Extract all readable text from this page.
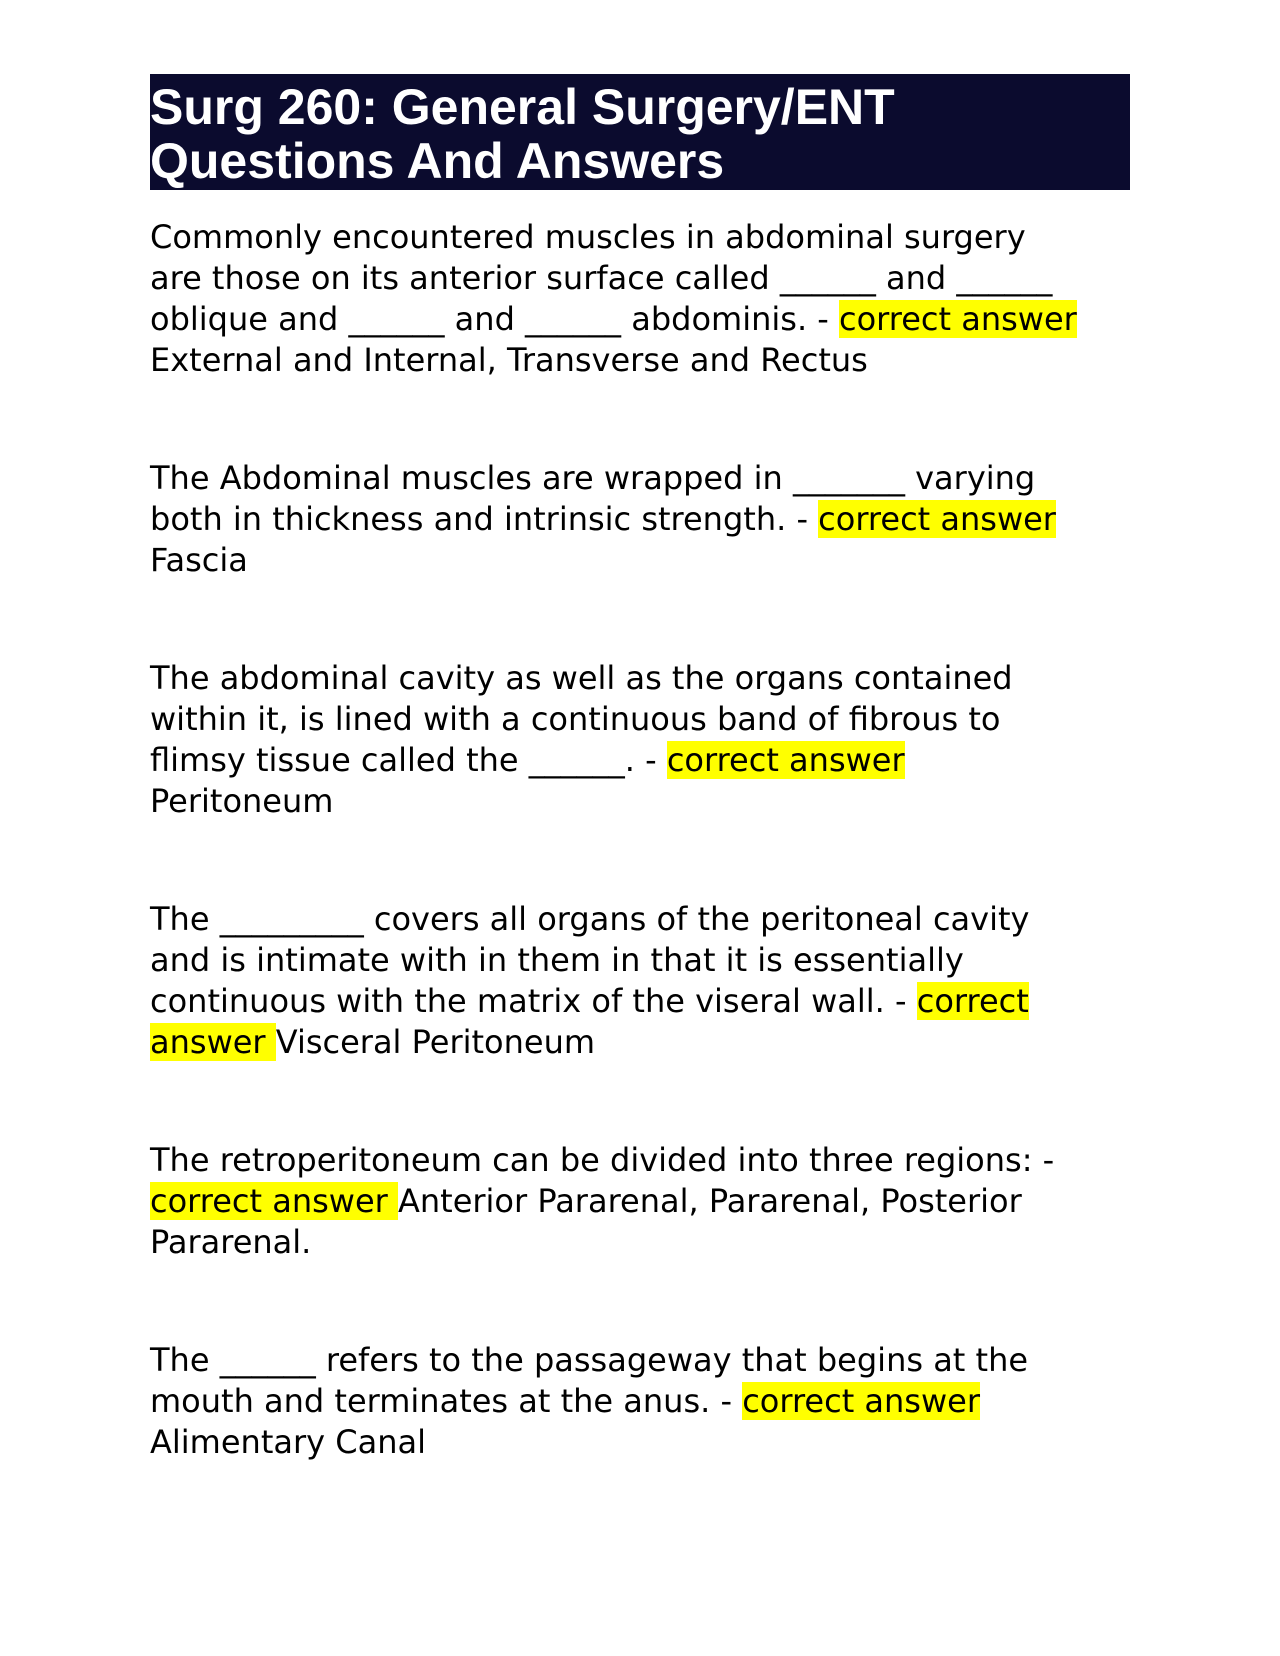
Surg 260: General Surgery/ENT
Questions And Answers
Commonly encountered muscles in abdominal surgery
are those on its anterior surface called ______ and ______
oblique and ______ and ______ abdominis. - correct answer
External and Internal, Transverse and Rectus
The Abdominal muscles are wrapped in _______ varying
both in thickness and intrinsic strength. - correct answer
Fascia
The abdominal cavity as well as the organs contained
within it, is lined with a continuous band of fibrous to
flimsy tissue called the ______. - correct answer
Peritoneum
The _________ covers all organs of the peritoneal cavity
and is intimate with in them in that it is essentially
continuous with the matrix of the viseral wall. - correct
answer Visceral Peritoneum
The retroperitoneum can be divided into three regions: -
correct answer Anterior Pararenal, Pararenal, Posterior
Pararenal.
The ______ refers to the passageway that begins at the
mouth and terminates at the anus. - correct answer
Alimentary Canal
